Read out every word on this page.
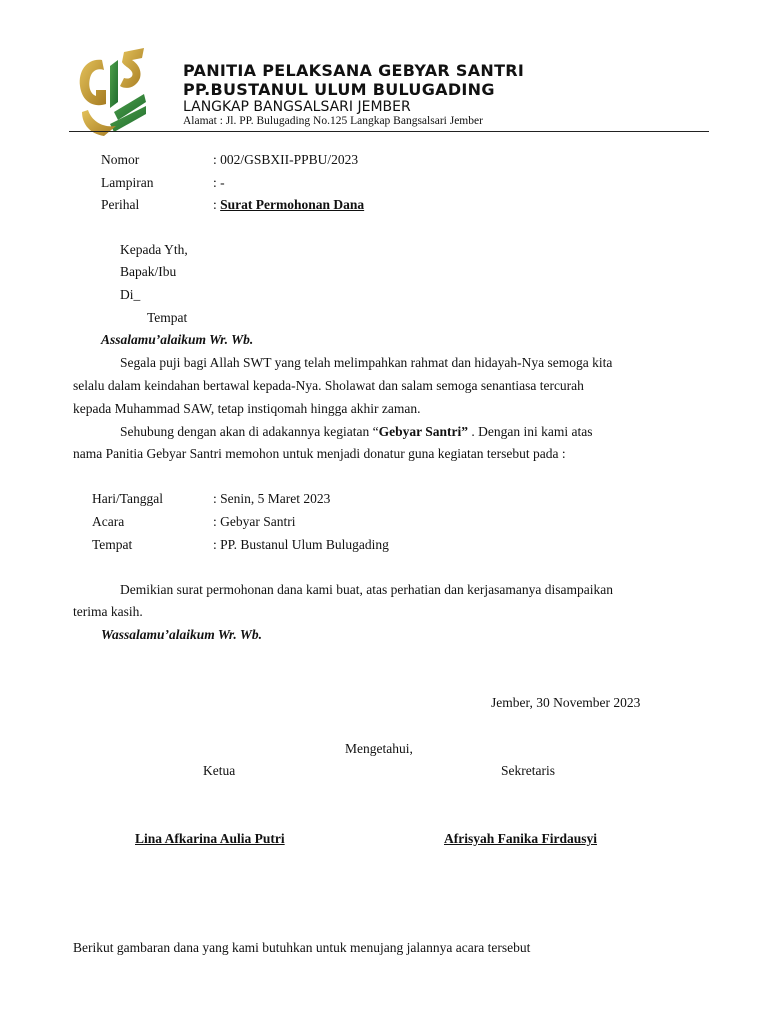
PANITIA PELAKSANA GEBYAR SANTRI
PP.BUSTANUL ULUM BULUGADING
LANGKAP BANGSALSARI JEMBER
Alamat : Jl. PP. Bulugading No.125 Langkap Bangsalsari Jember
Nomor	: 002/GSBXII-PPBU/2023
Lampiran	: -
Perihal	: Surat Permohonan Dana
Kepada Yth,
Bapak/Ibu
Di_
Tempat
Assalamu’alaikum Wr. Wb.
Segala puji bagi Allah SWT yang telah melimpahkan rahmat dan hidayah-Nya semoga kita
selalu dalam keindahan bertawal kepada-Nya. Sholawat dan salam semoga senantiasa tercurah
kepada Muhammad SAW, tetap instiqomah hingga akhir zaman.
Sehubung dengan akan di adakannya kegiatan “Gebyar Santri” . Dengan ini kami atas
nama Panitia Gebyar Santri memohon untuk menjadi donatur guna kegiatan tersebut pada :
Hari/Tanggal	: Senin, 5 Maret 2023
Acara	: Gebyar Santri
Tempat	: PP. Bustanul Ulum Bulugading
Demikian surat permohonan dana kami buat, atas perhatian dan kerjasamanya disampaikan
terima kasih.
Wassalamu’alaikum Wr. Wb.
Jember, 30 November 2023
Mengetahui,
Ketua	Sekretaris
Lina Afkarina Aulia Putri	Afrisyah Fanika Firdausyi
Berikut gambaran dana yang kami butuhkan untuk menujang jalannya acara tersebut
